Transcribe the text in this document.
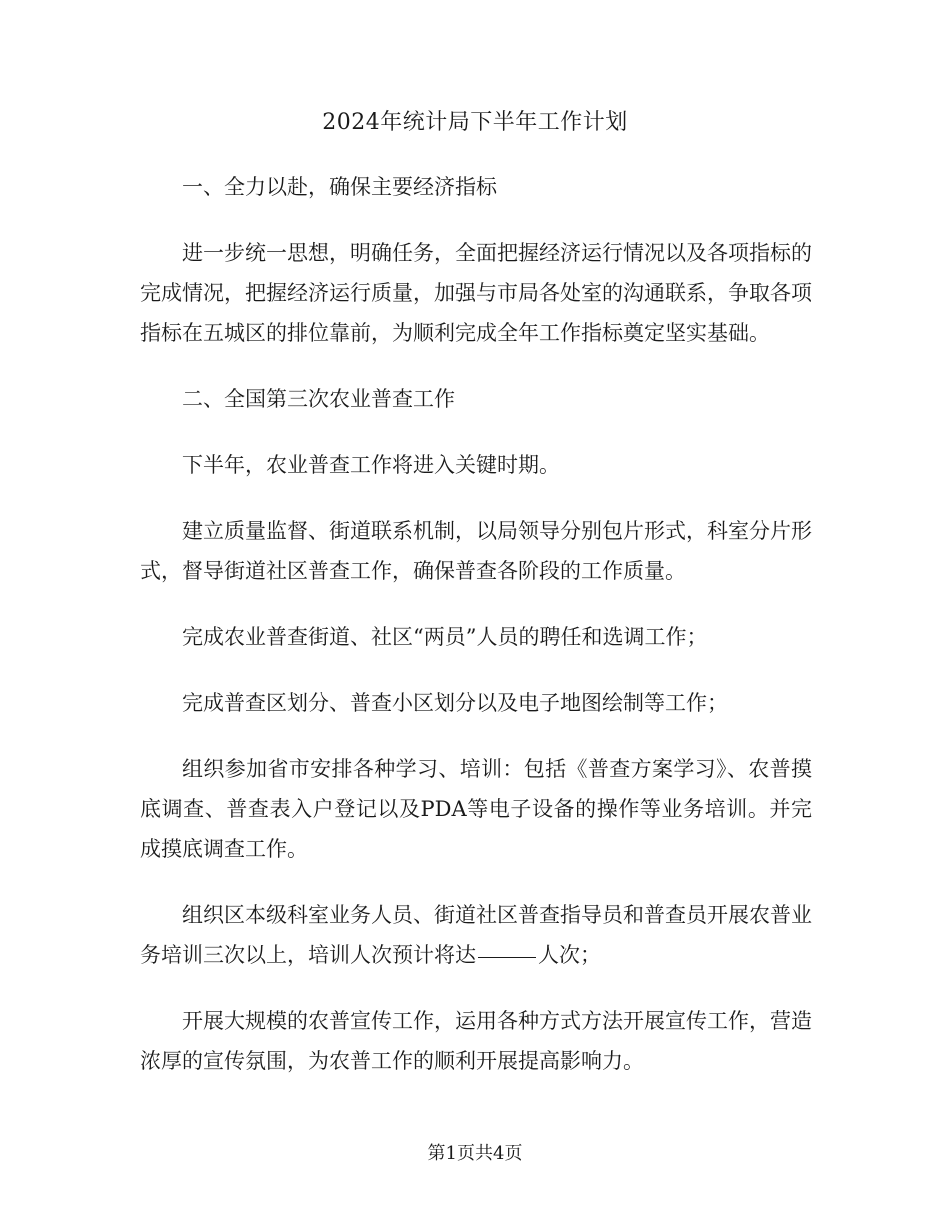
2024年统计局下半年工作计划

一、全力以赴，确保主要经济指标

进一步统一思想，明确任务，全面把握经济运行情况以及各项指标的完成情况，把握经济运行质量，加强与市局各处室的沟通联系，争取各项指标在五城区的排位靠前，为顺利完成全年工作指标奠定坚实基础。

二、全国第三次农业普查工作

下半年，农业普查工作将进入关键时期。

建立质量监督、街道联系机制，以局领导分别包片形式，科室分片形式，督导街道社区普查工作，确保普查各阶段的工作质量。

完成农业普查街道、社区“两员”人员的聘任和选调工作；

完成普查区划分、普查小区划分以及电子地图绘制等工作；

组织参加省市安排各种学习、培训：包括《普查方案学习》、农普摸底调查、普查表入户登记以及PDA等电子设备的操作等业务培训。并完成摸底调查工作。

组织区本级科室业务人员、街道社区普查指导员和普查员开展农普业务培训三次以上，培训人次预计将达	人次；

开展大规模的农普宣传工作，运用各种方式方法开展宣传工作，营造浓厚的宣传氛围，为农普工作的顺利开展提高影响力。

第1页共4页
